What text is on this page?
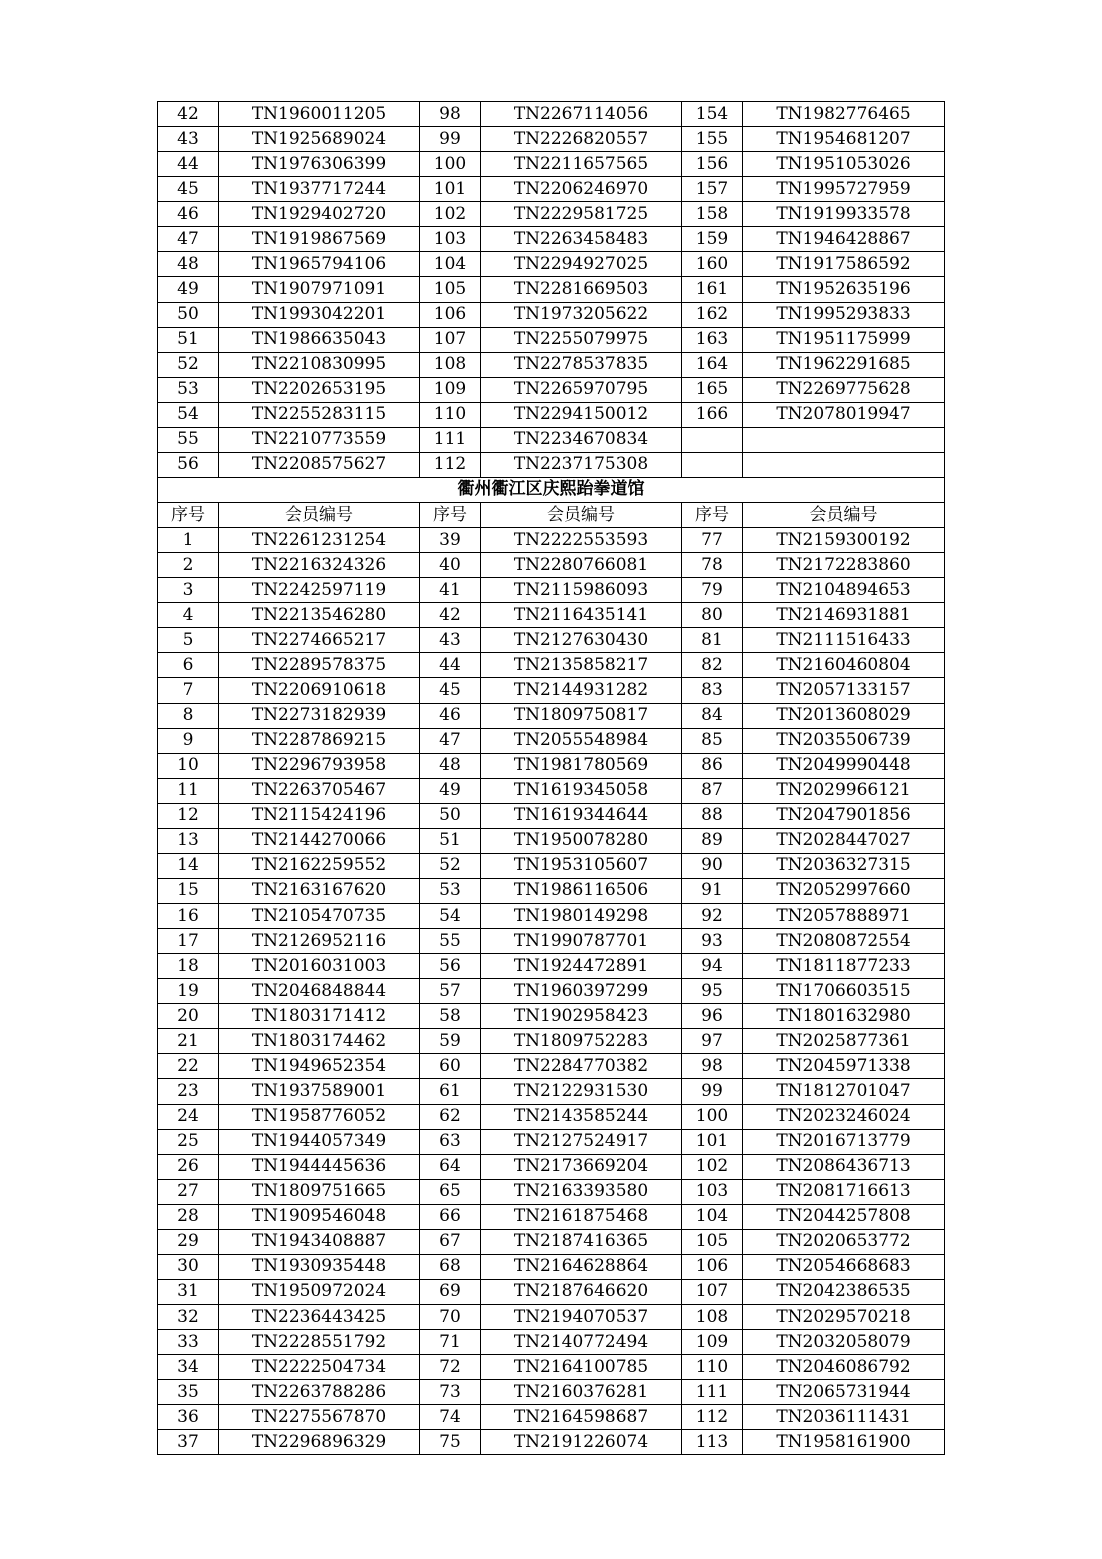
42	TN1960011205	98	TN2267114056	154	TN1982776465
43	TN1925689024	99	TN2226820557	155	TN1954681207
44	TN1976306399	100	TN2211657565	156	TN1951053026
45	TN1937717244	101	TN2206246970	157	TN1995727959
46	TN1929402720	102	TN2229581725	158	TN1919933578
47	TN1919867569	103	TN2263458483	159	TN1946428867
48	TN1965794106	104	TN2294927025	160	TN1917586592
49	TN1907971091	105	TN2281669503	161	TN1952635196
50	TN1993042201	106	TN1973205622	162	TN1995293833
51	TN1986635043	107	TN2255079975	163	TN1951175999
52	TN2210830995	108	TN2278537835	164	TN1962291685
53	TN2202653195	109	TN2265970795	165	TN2269775628
54	TN2255283115	110	TN2294150012	166	TN2078019947
55	TN2210773559	111	TN2234670834		
56	TN2208575627	112	TN2237175308		
衢州衢江区庆熙跆拳道馆					
序号	会员编号	序号	会员编号	序号	会员编号
1	TN2261231254	39	TN2222553593	77	TN2159300192
2	TN2216324326	40	TN2280766081	78	TN2172283860
3	TN2242597119	41	TN2115986093	79	TN2104894653
4	TN2213546280	42	TN2116435141	80	TN2146931881
5	TN2274665217	43	TN2127630430	81	TN2111516433
6	TN2289578375	44	TN2135858217	82	TN2160460804
7	TN2206910618	45	TN2144931282	83	TN2057133157
8	TN2273182939	46	TN1809750817	84	TN2013608029
9	TN2287869215	47	TN2055548984	85	TN2035506739
10	TN2296793958	48	TN1981780569	86	TN2049990448
11	TN2263705467	49	TN1619345058	87	TN2029966121
12	TN2115424196	50	TN1619344644	88	TN2047901856
13	TN2144270066	51	TN1950078280	89	TN2028447027
14	TN2162259552	52	TN1953105607	90	TN2036327315
15	TN2163167620	53	TN1986116506	91	TN2052997660
16	TN2105470735	54	TN1980149298	92	TN2057888971
17	TN2126952116	55	TN1990787701	93	TN2080872554
18	TN2016031003	56	TN1924472891	94	TN1811877233
19	TN2046848844	57	TN1960397299	95	TN1706603515
20	TN1803171412	58	TN1902958423	96	TN1801632980
21	TN1803174462	59	TN1809752283	97	TN2025877361
22	TN1949652354	60	TN2284770382	98	TN2045971338
23	TN1937589001	61	TN2122931530	99	TN1812701047
24	TN1958776052	62	TN2143585244	100	TN2023246024
25	TN1944057349	63	TN2127524917	101	TN2016713779
26	TN1944445636	64	TN2173669204	102	TN2086436713
27	TN1809751665	65	TN2163393580	103	TN2081716613
28	TN1909546048	66	TN2161875468	104	TN2044257808
29	TN1943408887	67	TN2187416365	105	TN2020653772
30	TN1930935448	68	TN2164628864	106	TN2054668683
31	TN1950972024	69	TN2187646620	107	TN2042386535
32	TN2236443425	70	TN2194070537	108	TN2029570218
33	TN2228551792	71	TN2140772494	109	TN2032058079
34	TN2222504734	72	TN2164100785	110	TN2046086792
35	TN2263788286	73	TN2160376281	111	TN2065731944
36	TN2275567870	74	TN2164598687	112	TN2036111431
37	TN2296896329	75	TN2191226074	113	TN1958161900
